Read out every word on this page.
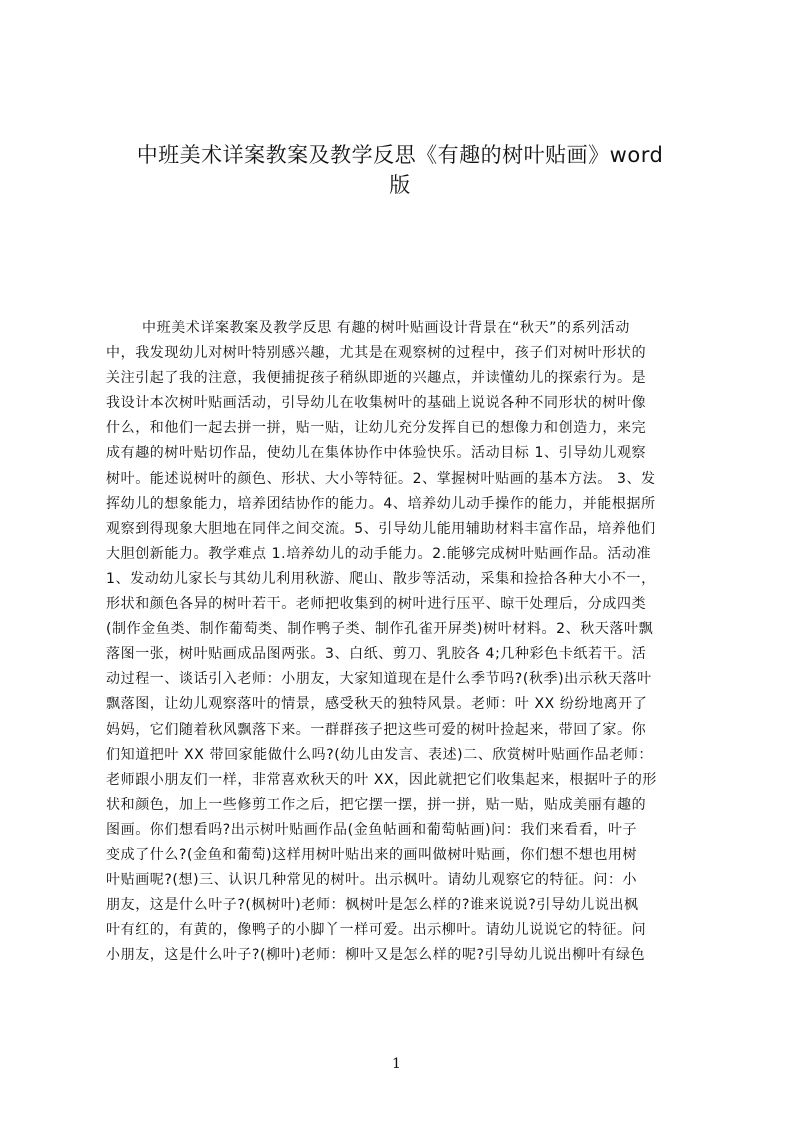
中班美术详案教案及教学反思《有趣的树叶贴画》word
版
中班美术详案教案及教学反思 有趣的树叶贴画设计背景在“秋天”的系列活动
中，我发现幼儿对树叶特别感兴趣，尤其是在观察树的过程中，孩子们对树叶形状的
关注引起了我的注意，我便捕捉孩子稍纵即逝的兴趣点，并读懂幼儿的探索行为。是
我设计本次树叶贴画活动，引导幼儿在收集树叶的基础上说说各种不同形状的树叶像
什么，和他们一起去拼一拼，贴一贴，让幼儿充分发挥自已的想像力和创造力，来完
成有趣的树叶贴切作品，使幼儿在集体协作中体验快乐。活动目标 1、引导幼儿观察
树叶。能述说树叶的颜色、形状、大小等特征。2、掌握树叶贴画的基本方法。 3、发
挥幼儿的想象能力，培养团结协作的能力。4、培养幼儿动手操作的能力，并能根据所
观察到得现象大胆地在同伴之间交流。5、引导幼儿能用辅助材料丰富作品，培养他们
大胆创新能力。教学难点 1.培养幼儿的动手能力。2.能够完成树叶贴画作品。活动准
1、发动幼儿家长与其幼儿利用秋游、爬山、散步等活动，采集和捡拾各种大小不一，
形状和颜色各异的树叶若干。老师把收集到的树叶进行压平、晾干处理后，分成四类
(制作金鱼类、制作葡萄类、制作鸭子类、制作孔雀开屏类)树叶材料。2、秋天落叶飘
落图一张，树叶贴画成品图两张。3、白纸、剪刀、乳胶各 4;几种彩色卡纸若干。活
动过程一、谈话引入老师：小朋友，大家知道现在是什么季节吗?(秋季)出示秋天落叶
飘落图，让幼儿观察落叶的情景，感受秋天的独特风景。老师：叶 XX 纷纷地离开了
妈妈，它们随着秋风飘落下来。一群群孩子把这些可爱的树叶捡起来，带回了家。你
们知道把叶 XX 带回家能做什么吗?(幼儿由发言、表述)二、欣赏树叶贴画作品老师：
老师跟小朋友们一样，非常喜欢秋天的叶 XX，因此就把它们收集起来，根据叶子的形
状和颜色，加上一些修剪工作之后，把它摆一摆，拼一拼，贴一贴，贴成美丽有趣的
图画。你们想看吗?出示树叶贴画作品(金鱼帖画和葡萄帖画)问：我们来看看，叶子
变成了什么?(金鱼和葡萄)这样用树叶贴出来的画叫做树叶贴画，你们想不想也用树
叶贴画呢?(想)三、认识几种常见的树叶。出示枫叶。请幼儿观察它的特征。问：小
朋友，这是什么叶子?(枫树叶)老师：枫树叶是怎么样的?谁来说说?引导幼儿说出枫
叶有红的，有黄的，像鸭子的小脚丫一样可爱。出示柳叶。请幼儿说说它的特征。问
小朋友，这是什么叶子?(柳叶)老师：柳叶又是怎么样的呢?引导幼儿说出柳叶有绿色
1
